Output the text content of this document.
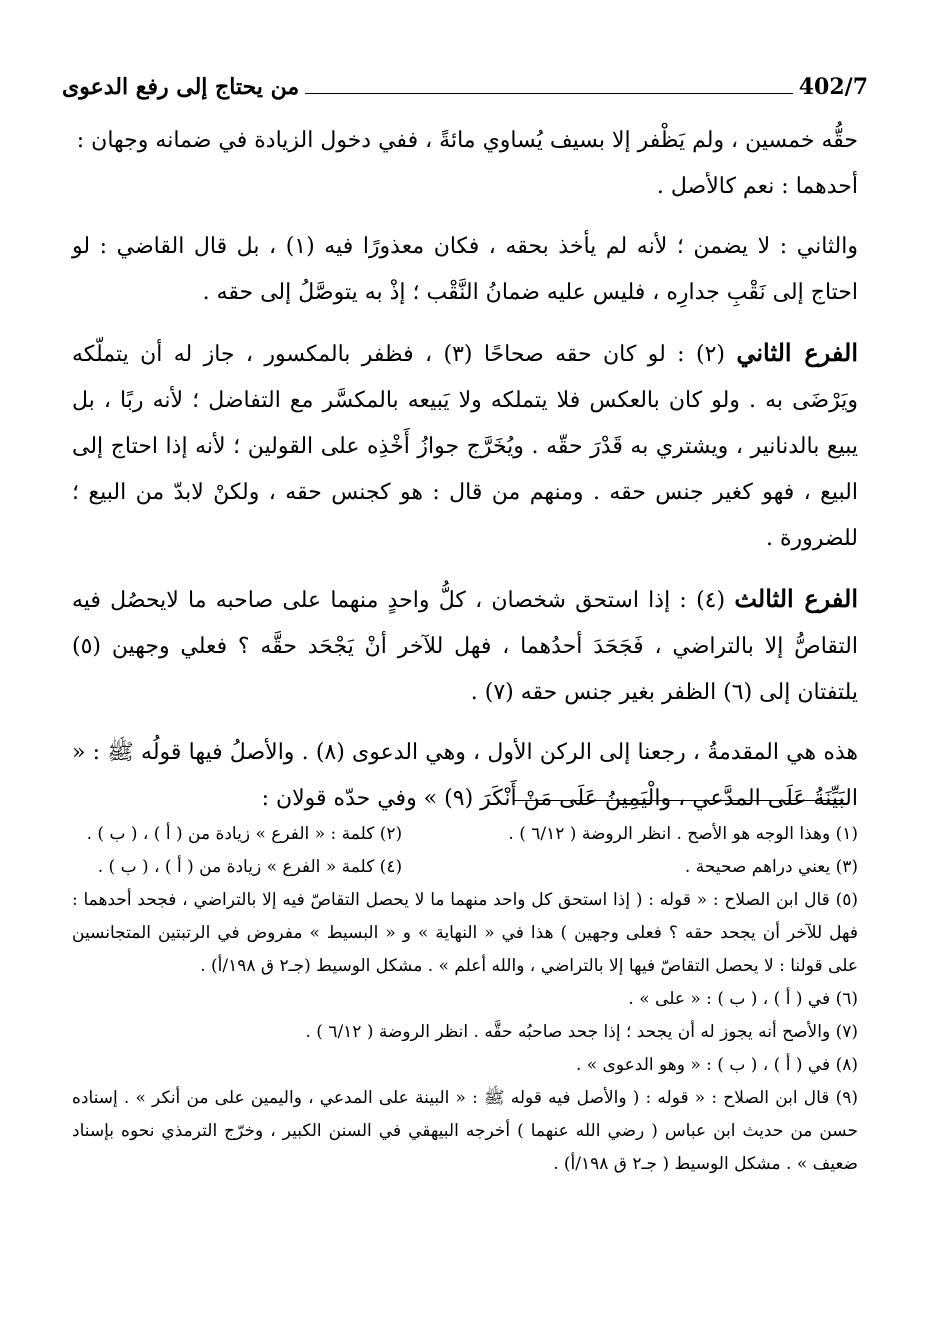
من يحتاج إلى رفع الدعوى	402/7

حقُّه خمسين ، ولم يَظْفر إلا بسيف يُساوي مائةً ، ففي دخول الزيادة في ضمانه وجهان :
أحدهما : نعم كالأصل .

والثاني : لا يضمن ؛ لأنه لم يأخذ بحقه ، فكان معذورًا فيه (١) ، بل قال القاضي : لو احتاج إلى نَقْبِ جدارِه ، فليس عليه ضمانُ النَّقْب ؛ إذْ به يتوصَّلُ إلى حقه .

الفرع الثاني (٢) : لو كان حقه صحاحًا (٣) ، فظفر بالمكسور ، جاز له أن يتملّكه ويَرْضَى به . ولو كان بالعكس فلا يتملكه ولا يَبيعه بالمكسَّر مع التفاضل ؛ لأنه ربًا ، بل يبيع بالدنانير ، ويشتري به قَدْرَ حقّه . ويُخَرَّج جوازُ أَخْذِه على القولين ؛ لأنه إذا احتاج إلى البيع ، فهو كغير جنس حقه . ومنهم من قال : هو كجنس حقه ، ولكنْ لابدّ من البيع ؛ للضرورة .

الفرع الثالث (٤) : إذا استحق شخصان ، كلُّ واحدٍ منهما على صاحبه ما لايحصُل فيه التقاصُّ إلا بالتراضي ، فَجَحَدَ أحدُهما ، فهل للآخر أنْ يَجْحَد حقَّه ؟ فعلي وجهين (٥) يلتفتان إلى (٦) الظفر بغير جنس حقه (٧) .

هذه هي المقدمةُ ، رجعنا إلى الركن الأول ، وهي الدعوى (٨) . والأصلُ فيها قولُه ﷺ : « البَيِّنَةُ عَلَى المدَّعي ، والْيَمِينُ عَلَى مَنْ أَنْكَرَ (٩) » وفي حدّه قولان :

(١) وهذا الوجه هو الأصح . انظر الروضة ( ٦/١٢ ) .
(٢) كلمة : « الفرع » زيادة من ( أ ) ، ( ب ) .
(٣) يعني دراهم صحيحة .
(٤) كلمة « الفرع » زيادة من ( أ ) ، ( ب ) .

(٥) قال ابن الصلاح : « قوله : ( إذا استحق كل واحد منهما ما لا يحصل التقاصّ فيه إلا بالتراضي ، فجحد أحدهما : فهل للآخر أن يجحد حقه ؟ فعلى وجهين ) هذا في « النهاية » و « البسيط » مفروض في الرتبتين المتجانسين على قولنا : لا يحصل التقاصّ فيها إلا بالتراضي ، والله أعلم » . مشكل الوسيط (جـ٢ ق ١٩٨/أ) .

(٦) في ( أ ) ، ( ب ) : « على » .

(٧) والأصح أنه يجوز له أن يجحد ؛ إذا جحد صاحبُه حقَّه . انظر الروضة ( ٦/١٢ ) .

(٨) في ( أ ) ، ( ب ) : « وهو الدعوى » .

(٩) قال ابن الصلاح : « قوله : ( والأصل فيه قوله ﷺ : « البينة على المدعي ، واليمين على من أنكر » . إسناده حسن من حديث ابن عباس ( رضي الله عنهما ) أخرجه البيهقي في السنن الكبير ، وخرّج الترمذي نحوه بإسناد ضعيف » . مشكل الوسيط ( جـ٢ ق ١٩٨/أ) .
